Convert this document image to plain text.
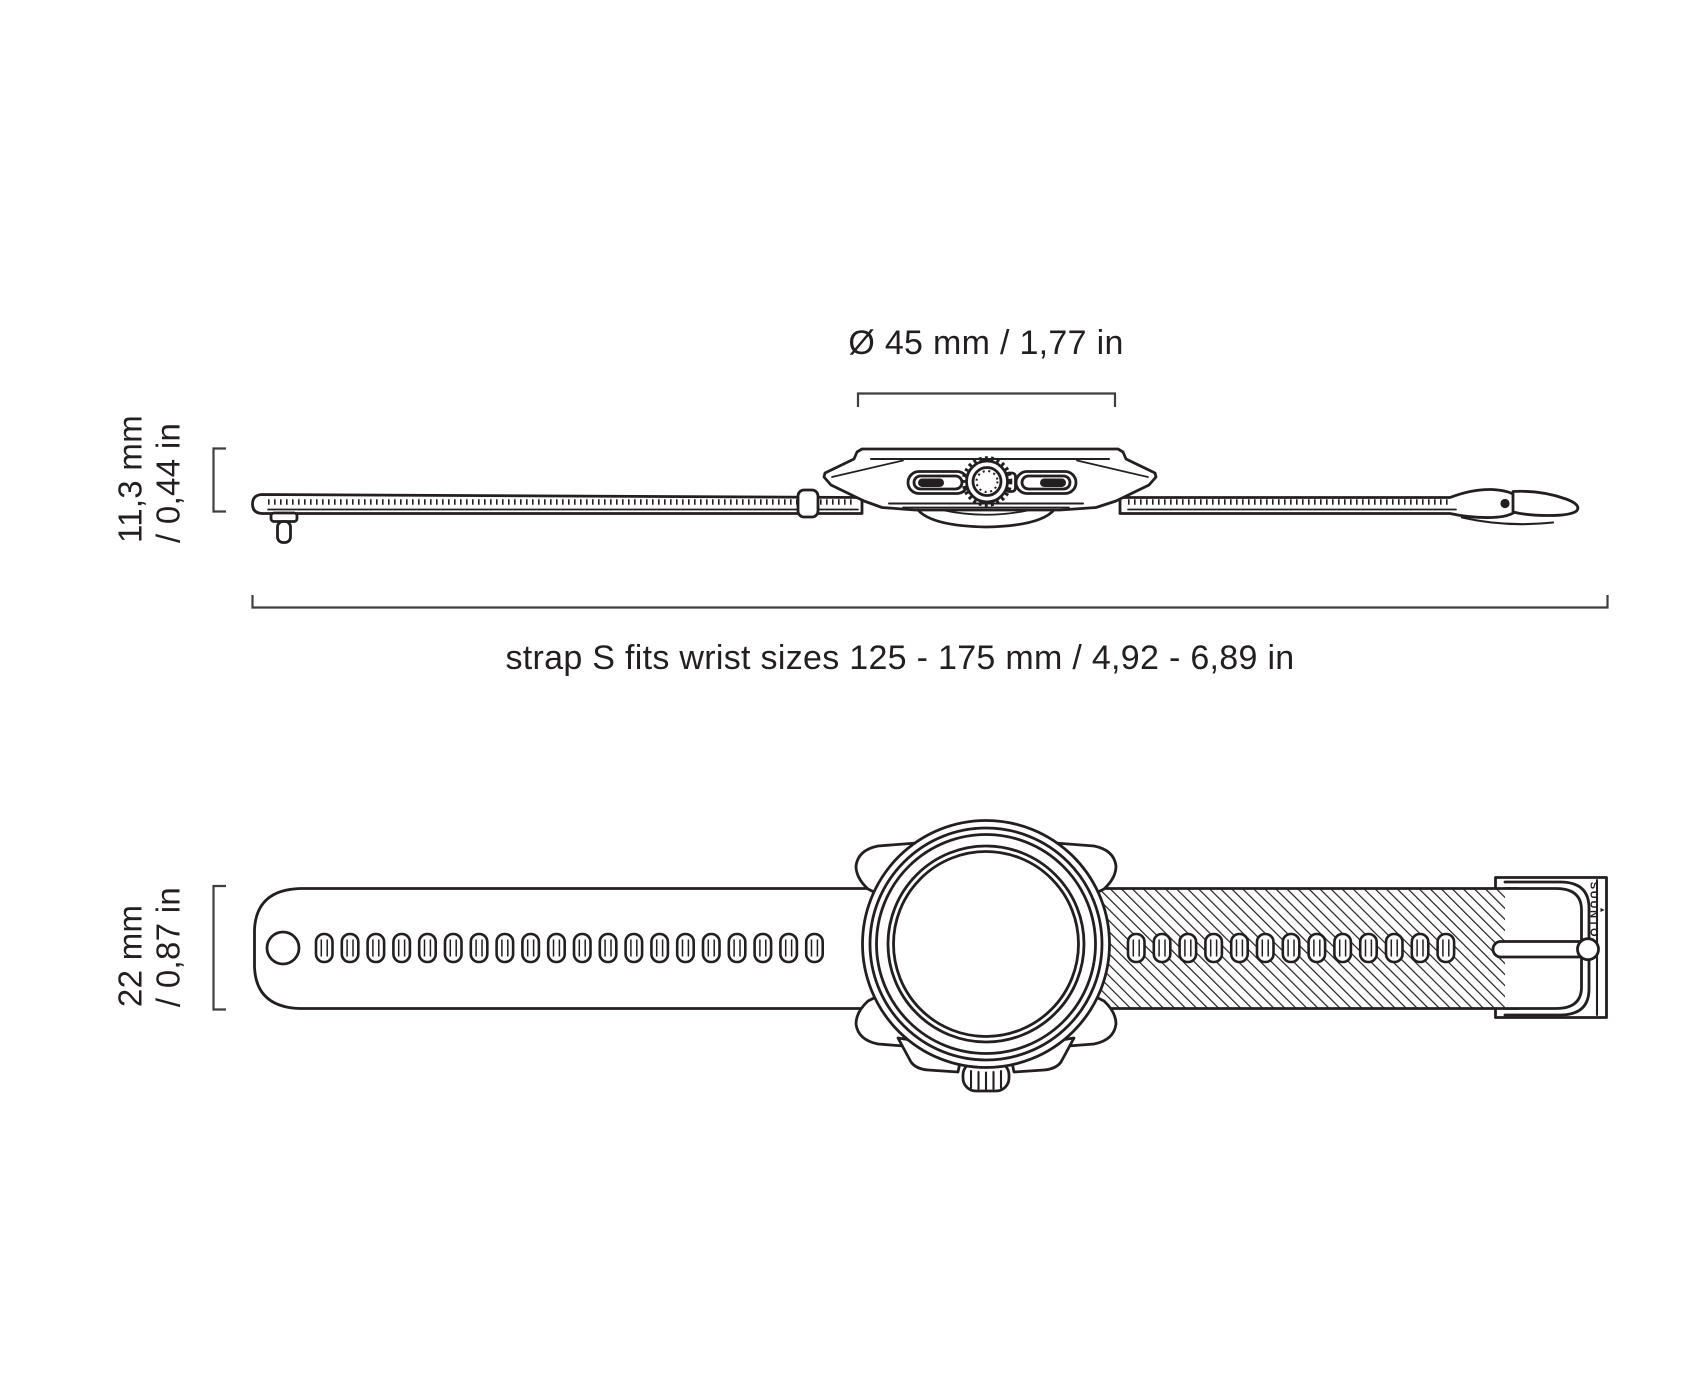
Ø 45 mm / 1,77 in
11,3 mm / 0,44 in
strap S fits wrist sizes 125 - 175 mm / 4,92 - 6,89 in
22 mm / 0,87 in	▲
SUUNTO
